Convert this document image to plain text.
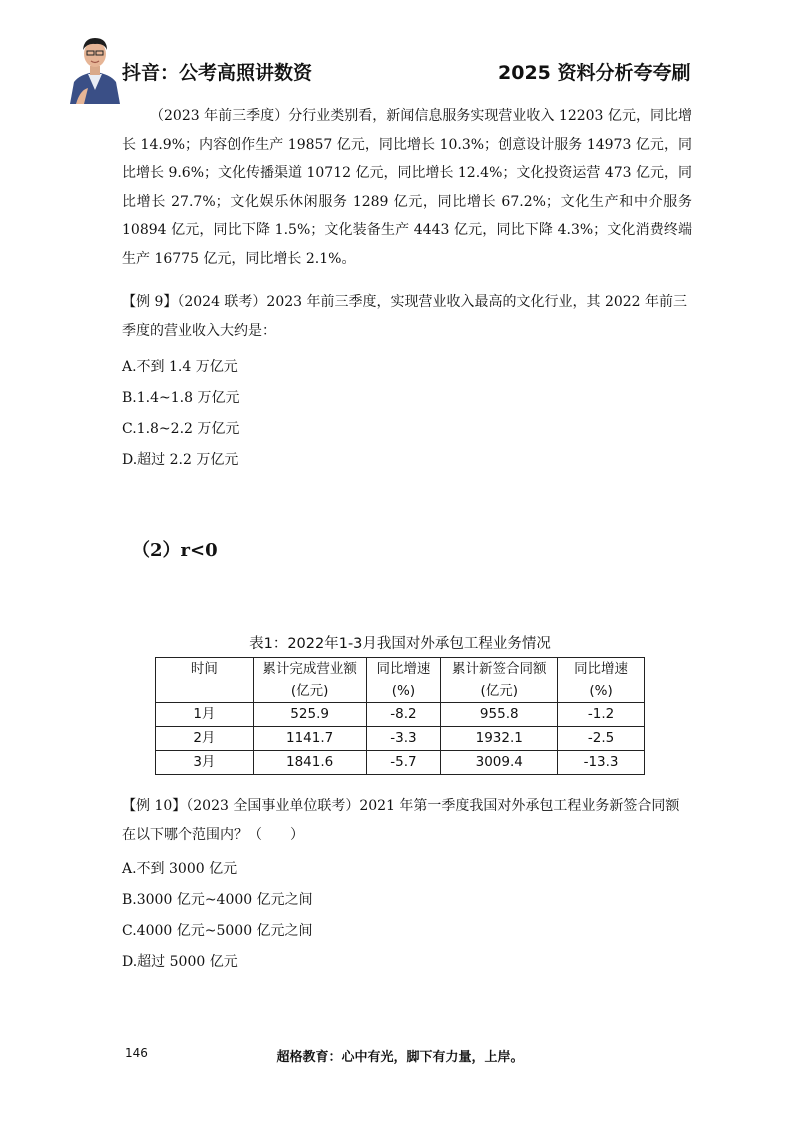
抖音：公考高照讲数资	2025 资料分析夸夸刷
（2023 年前三季度）分行业类别看，新闻信息服务实现营业收入 12203 亿元，同比增长 14.9%；内容创作生产 19857 亿元，同比增长 10.3%；创意设计服务 14973 亿元，同比增长 9.6%；文化传播渠道 10712 亿元，同比增长 12.4%；文化投资运营 473 亿元，同比增长 27.7%；文化娱乐休闲服务 1289 亿元，同比增长 67.2%；文化生产和中介服务 10894 亿元，同比下降 1.5%；文化装备生产 4443 亿元，同比下降 4.3%；文化消费终端生产 16775 亿元，同比增长 2.1%。
【例 9】（2024 联考）2023 年前三季度，实现营业收入最高的文化行业，其 2022 年前三季度的营业收入大约是：
A.不到 1.4 万亿元
B.1.4~1.8 万亿元
C.1.8~2.2 万亿元
D.超过 2.2 万亿元
（2）r<0
表1：2022年1-3月我国对外承包工程业务情况
时间	累计完成营业额	同比增速	累计新签合同额	同比增速
	(亿元)	(%)	(亿元)	(%)
1月	525.9	-8.2	955.8	-1.2
2月	1141.7	-3.3	1932.1	-2.5
3月	1841.6	-5.7	3009.4	-13.3
【例 10】（2023 全国事业单位联考）2021 年第一季度我国对外承包工程业务新签合同额在以下哪个范围内？（　　）
A.不到 3000 亿元
B.3000 亿元~4000 亿元之间
C.4000 亿元~5000 亿元之间
D.超过 5000 亿元
146	超格教育：心中有光，脚下有力量，上岸。
